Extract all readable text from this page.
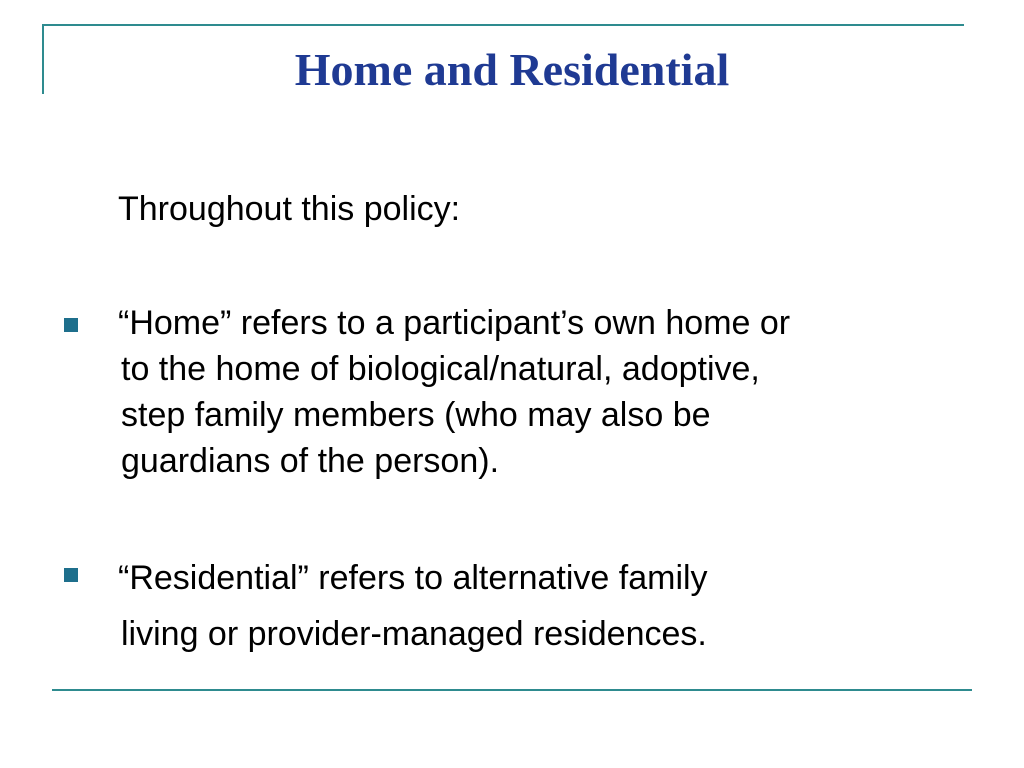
Home and Residential

Throughout this policy:

“Home” refers to a participant’s own home or
to the home of biological/natural, adoptive,
step family members (who may also be
guardians of the person).

“Residential” refers to alternative family
living or provider-managed residences.
